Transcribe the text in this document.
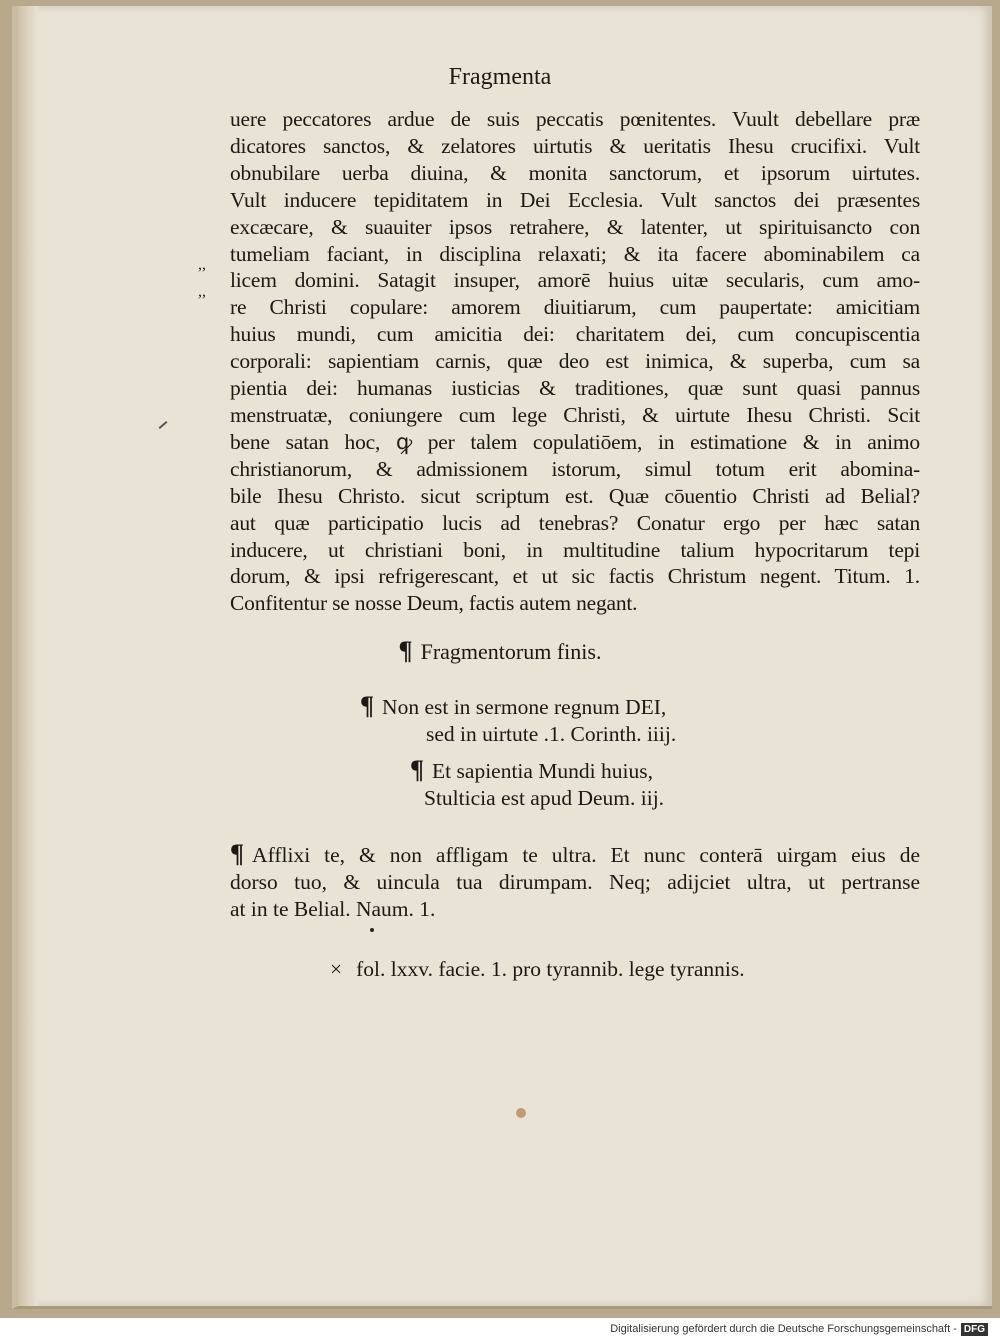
Fragmenta
uere peccatores ardue de suis peccatis pœnitentes. Vuult debellare præ
dicatores sanctos, & zelatores uirtutis & ueritatis Ihesu crucifixi. Vult
obnubilare uerba diuina, & monita sanctorum, et ipsorum uirtutes.
Vult inducere tepiditatem in Dei Ecclesia. Vult sanctos dei præsentes
excæcare, & suauiter ipsos retrahere, & latenter, ut spirituisancto con
tumeliam faciant, in disciplina relaxati; & ita facere abominabilem ca
licem domini. Satagit insuper, amorē huius uitæ secularis, cum amo-
re Christi copulare: amorem diuitiarum, cum paupertate: amicitiam
huius mundi, cum amicitia dei: charitatem dei, cum concupiscentia
corporali: sapientiam carnis, quæ deo est inimica, & superba, cum sa
pientia dei: humanas iusticias & traditiones, quæ sunt quasi pannus
menstruatæ, coniungere cum lege Christi, & uirtute Ihesu Christi. Scit
bene satan hoc, ꝙ per talem copulatiōem, in estimatione & in animo
christianorum, & admissionem istorum, simul totum erit abomina-
bile Ihesu Christo. sicut scriptum est. Quæ cōuentio Christi ad Belial?
aut quæ participatio lucis ad tenebras? Conatur ergo per hæc satan
inducere, ut christiani boni, in multitudine talium hypocritarum tepi
dorum, & ipsi refrigerescant, et ut sic factis Christum negent. Titum. 1.
Confitentur se nosse Deum, factis autem negant.
,,
,,
¶ Fragmentorum finis.
¶ Non est in sermone regnum DEI,
sed in uirtute .1. Corinth. iiij.
¶ Et sapientia Mundi huius,
Stulticia est apud Deum. iij.
¶ Afflixi te, & non affligam te ultra. Et nunc conterā uirgam eius de
dorso tuo, & uincula tua dirumpam. Neq; adijciet ultra, ut pertranse
at in te Belial. Naum. 1.
× fol. lxxv. facie. 1. pro tyrannib. lege tyrannis.
Digitalisierung gefördert durch die Deutsche Forschungsgemeinschaft - DFG
